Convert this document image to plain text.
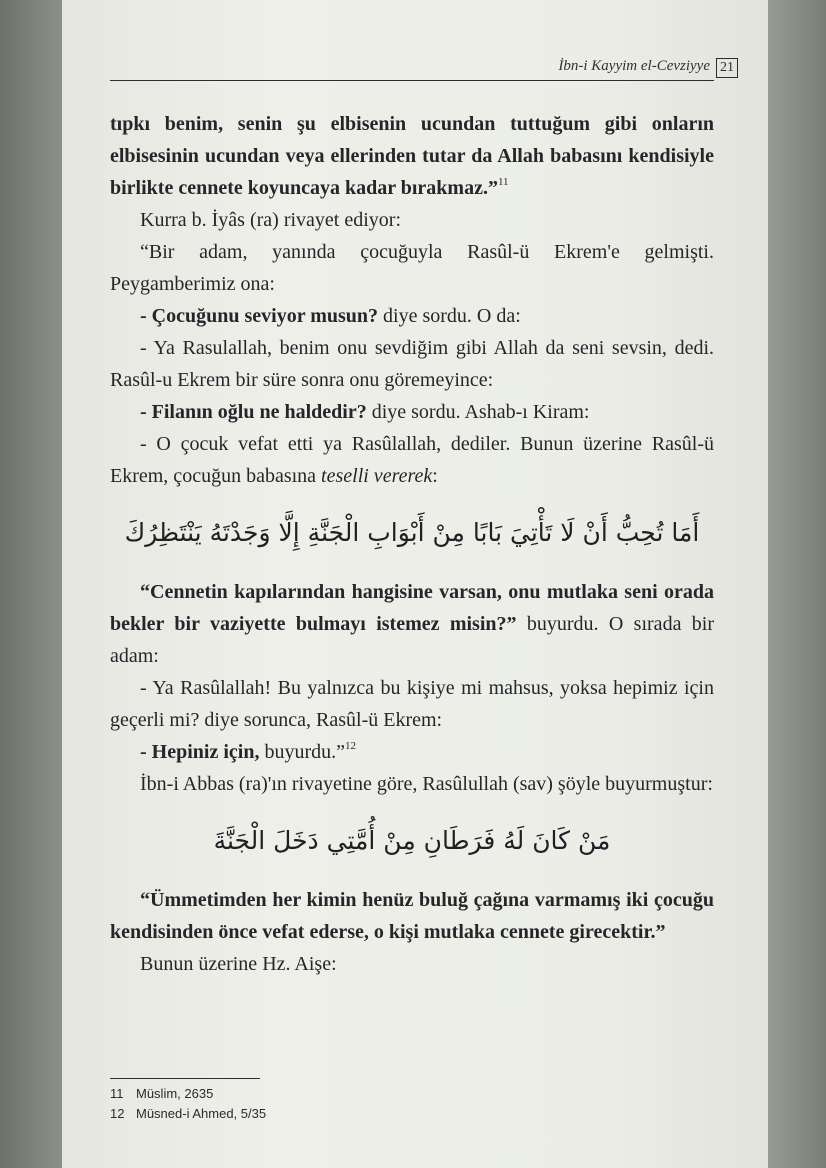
İbn-i Kayyim el-Cevziyye 21

tıpkı benim, senin şu elbisenin ucundan tuttuğum gibi onların elbisesinin ucundan veya ellerinden tutar da Allah babasını kendisiyle birlikte cennete koyuncaya kadar bırakmaz.”$^{11}$

Kurra b. İyâs (ra) rivayet ediyor:

“Bir adam, yanında çocuğuyla Rasûl-ü Ekrem'e gelmişti. Peygamberimiz ona:

- Çocuğunu seviyor musun? diye sordu. O da:

- Ya Rasulallah, benim onu sevdiğim gibi Allah da seni sevsin, dedi. Rasûl-u Ekrem bir süre sonra onu göremeyince:

- Filanın oğlu ne haldedir? diye sordu. Ashab-ı Kiram:

- O çocuk vefat etti ya Rasûlallah, dediler. Bunun üzerine Rasûl-ü Ekrem, çocuğun babasına teselli vererek:

أَمَا تُحِبُّ أَنْ لَا تَأْتِيَ بَابًا مِنْ أَبْوَابِ الْجَنَّةِ إِلَّا وَجَدْتَهُ يَنْتَظِرُكَ

“Cennetin kapılarından hangisine varsan, onu mutlaka seni orada bekler bir vaziyette bulmayı istemez misin?” buyurdu. O sırada bir adam:

- Ya Rasûlallah! Bu yalnızca bu kişiye mi mahsus, yoksa hepimiz için geçerli mi? diye sorunca, Rasûl-ü Ekrem:

- Hepiniz için, buyurdu.”$^{12}$

İbn-i Abbas (ra)'ın rivayetine göre, Rasûlullah (sav) şöyle buyurmuştur:

مَنْ كَانَ لَهُ فَرَطَانِ مِنْ أُمَّتِي دَخَلَ الْجَنَّةَ

“Ümmetimden her kimin henüz buluğ çağına varmamış iki çocuğu kendisinden önce vefat ederse, o kişi mutlaka cennete girecektir.”

Bunun üzerine Hz. Aişe:

11 Müslim, 2635
12 Müsned-i Ahmed, 5/35
